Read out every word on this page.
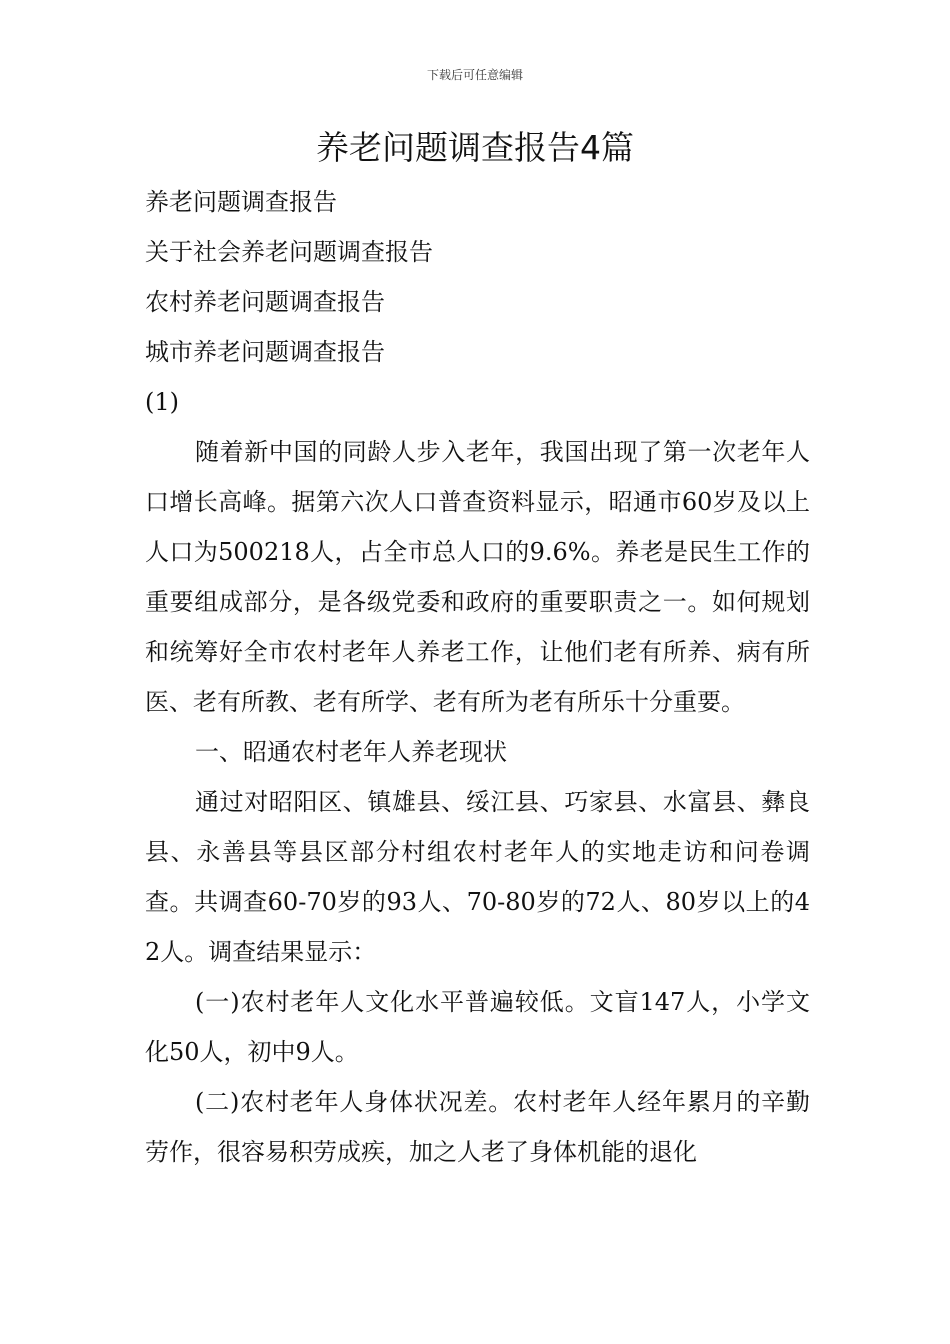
下载后可任意编辑
养老问题调查报告4篇
养老问题调查报告
关于社会养老问题调查报告
农村养老问题调查报告
城市养老问题调查报告
(1)

随着新中国的同龄人步入老年，我国出现了第一次老年人口增长高峰。据第六次人口普查资料显示，昭通市60岁及以上人口为500218人，占全市总人口的9.6%。养老是民生工作的重要组成部分，是各级党委和政府的重要职责之一。如何规划和统筹好全市农村老年人养老工作，让他们老有所养、病有所医、老有所教、老有所学、老有所为老有所乐十分重要。

一、昭通农村老年人养老现状

通过对昭阳区、镇雄县、绥江县、巧家县、水富县、彝良县、永善县等县区部分村组农村老年人的实地走访和问卷调查。共调查60-70岁的93人、70-80岁的72人、80岁以上的42人。调查结果显示：

(一)农村老年人文化水平普遍较低。文盲147人，小学文化50人，初中9人。

(二)农村老年人身体状况差。农村老年人经年累月的辛勤劳作，很容易积劳成疾，加之人老了身体机能的退化
